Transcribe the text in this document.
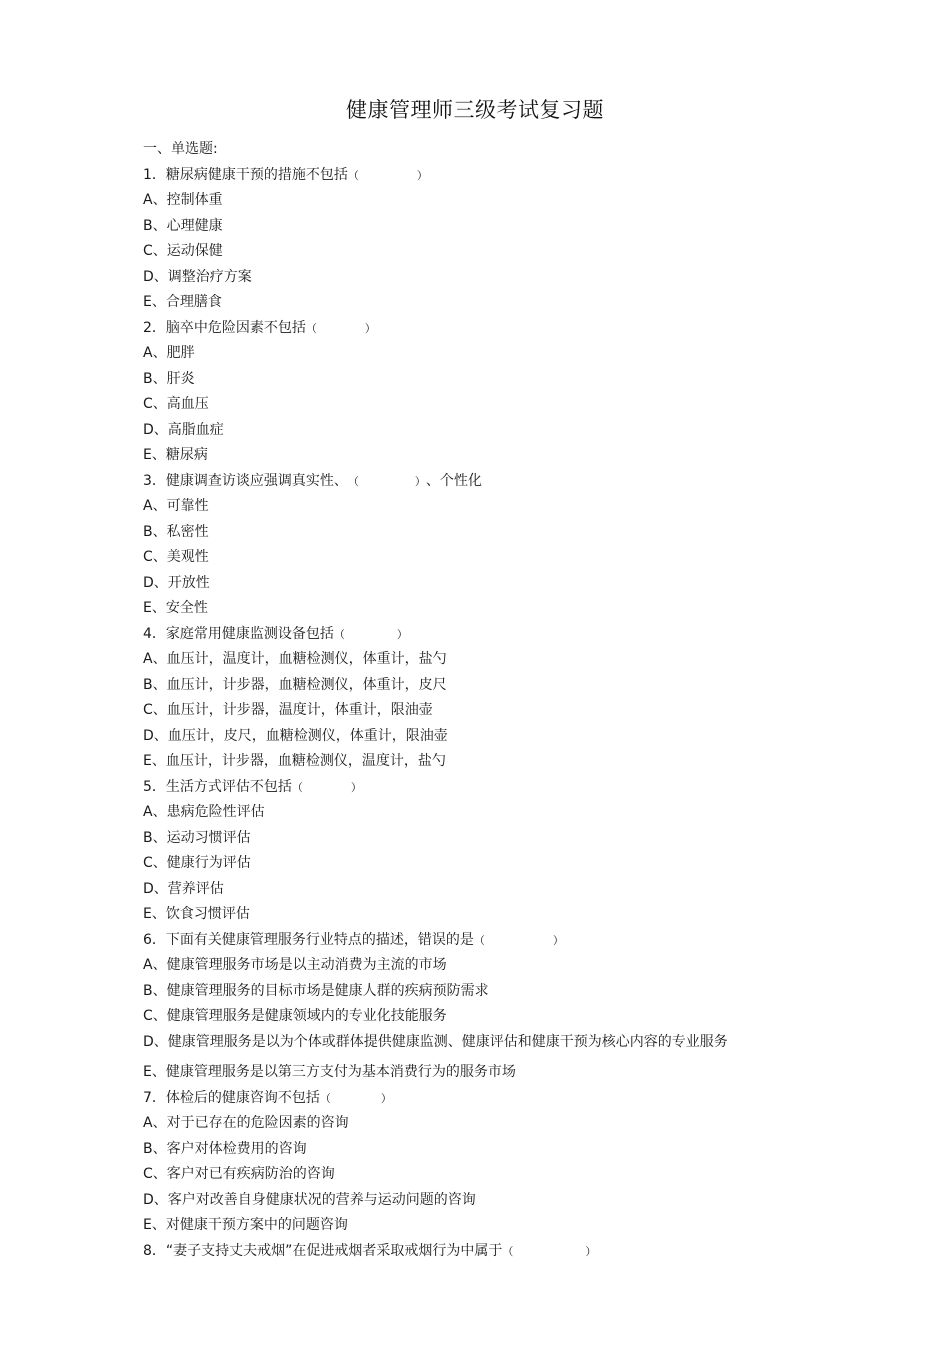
健康管理师三级考试复习题
一、单选题:
1．糖尿病健康干预的措施不包括（	）
A、控制体重
B、心理健康
C、运动保健
D、调整治疗方案
E、合理膳食
2．脑卒中危险因素不包括（	）
A、肥胖
B、肝炎
C、高血压
D、高脂血症
E、糖尿病
3．健康调查访谈应强调真实性、（	）、个性化
A、可靠性
B、私密性
C、美观性
D、开放性
E、安全性
4．家庭常用健康监测设备包括（	）
A、血压计，温度计，血糖检测仪，体重计，盐勺
B、血压计，计步器，血糖检测仪，体重计，皮尺
C、血压计，计步器，温度计，体重计，限油壶
D、血压计，皮尺，血糖检测仪，体重计，限油壶
E、血压计，计步器，血糖检测仪，温度计，盐勺
5．生活方式评估不包括（	）
A、患病危险性评估
B、运动习惯评估
C、健康行为评估
D、营养评估
E、饮食习惯评估
6．下面有关健康管理服务行业特点的描述，错误的是（	）
A、健康管理服务市场是以主动消费为主流的市场
B、健康管理服务的目标市场是健康人群的疾病预防需求
C、健康管理服务是健康领域内的专业化技能服务
D、健康管理服务是以为个体或群体提供健康监测、健康评估和健康干预为核心内容的专业服务
E、健康管理服务是以第三方支付为基本消费行为的服务市场
7．体检后的健康咨询不包括（	）
A、对于已存在的危险因素的咨询
B、客户对体检费用的咨询
C、客户对已有疾病防治的咨询
D、客户对改善自身健康状况的营养与运动问题的咨询
E、对健康干预方案中的问题咨询
8．“妻子支持丈夫戒烟”在促进戒烟者采取戒烟行为中属于（	）
